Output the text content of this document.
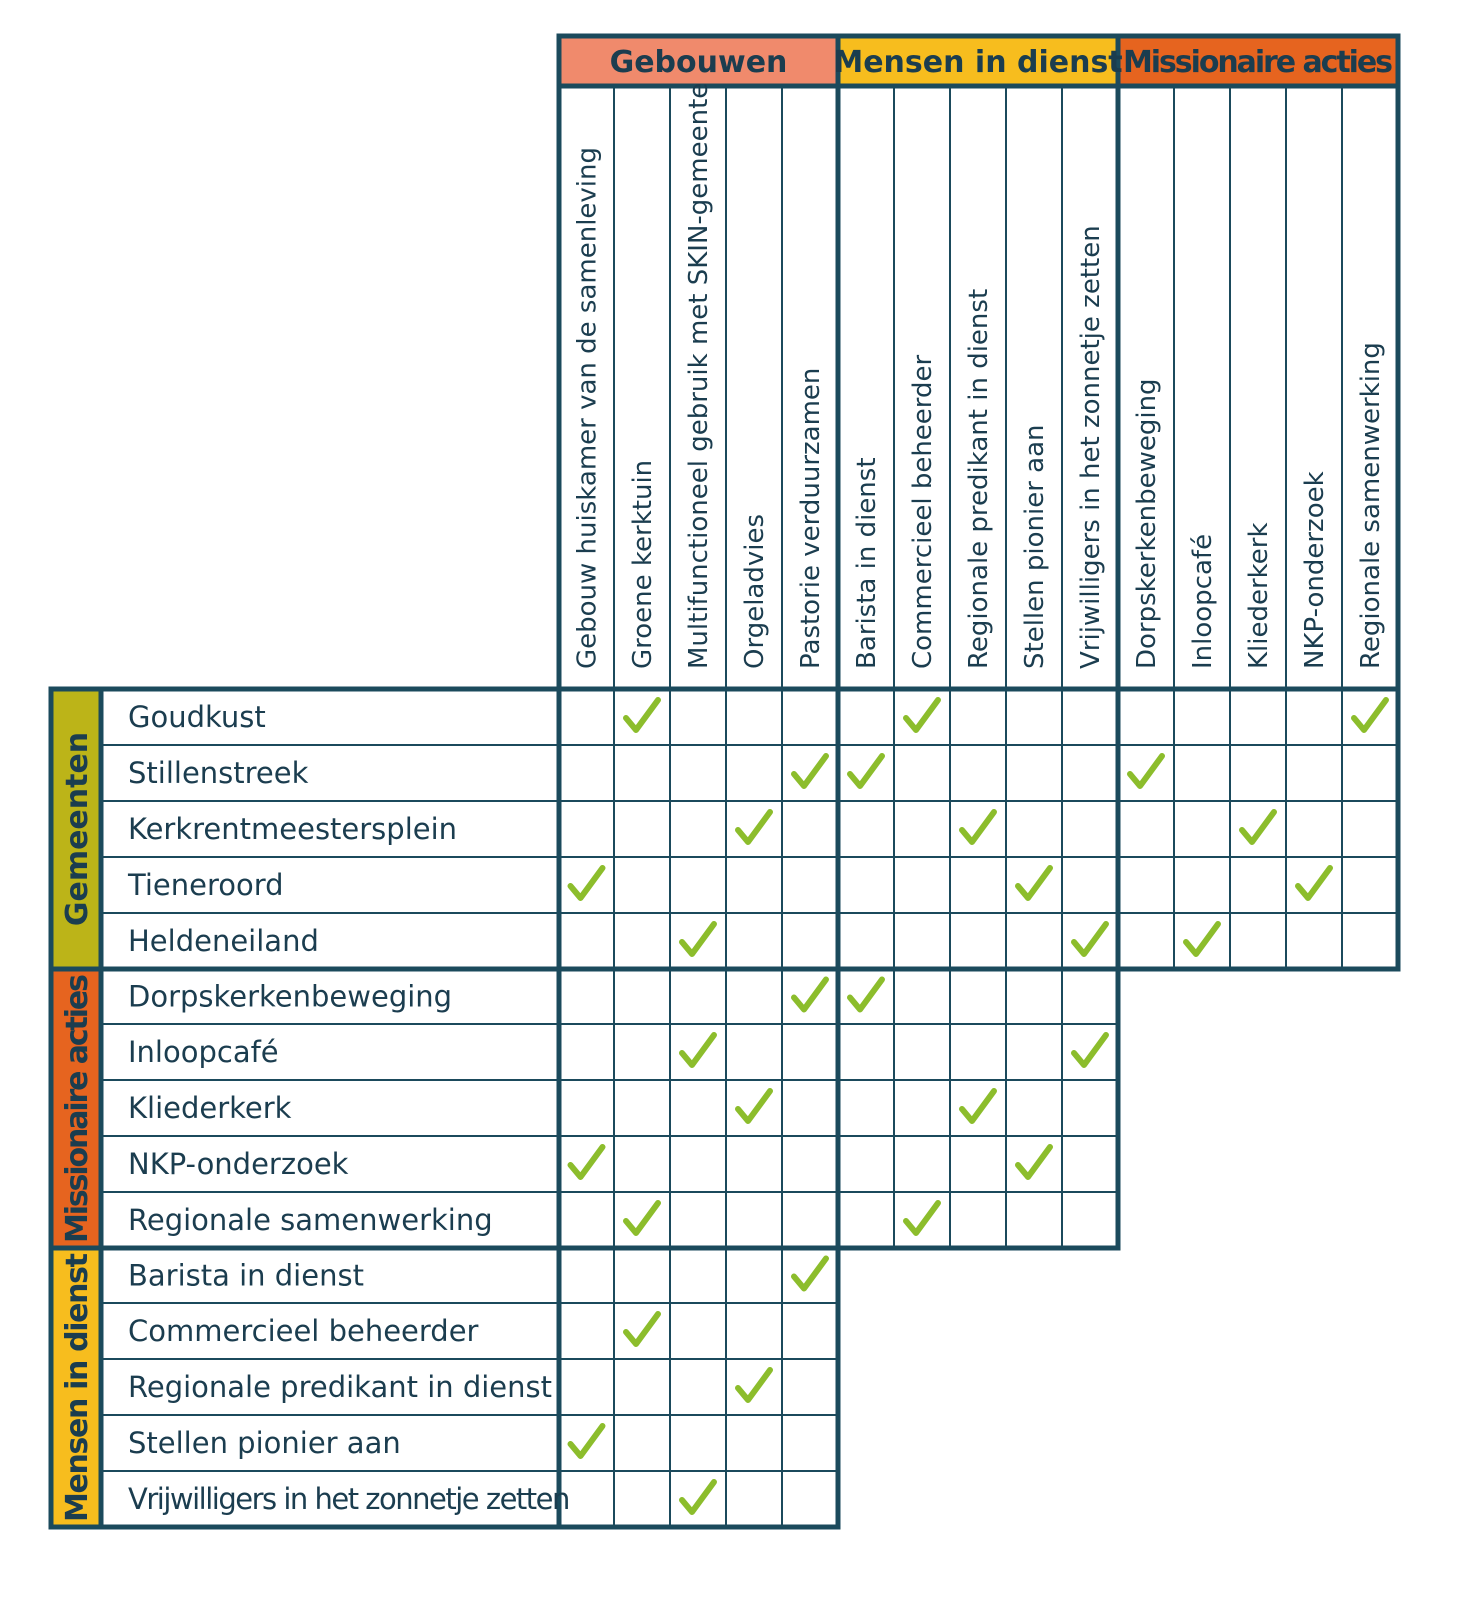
Gebouwen
Gebouw huiskamer van de samenleving Groene kerktuin Multifunctioneel gebruik met SKIN-gemeente Orgeladvies Pastorie verduurzamen
Mensen in dienst
Barista in dienst Commercieel beheerder Regionale predikant in dienst Stellen pionier aan Vrijwilligers in het zonnetje zetten
Missionaire acties
Dorpskerkenbeweging Inloopcafé Kliederkerk NKP-onderzoek Regionale samenwerking
Gemeenten
Goudkust
Stillenstreek
Kerkrentmeestersplein
Tieneroord
Heldeneiland
Missionaire acties Dorpskerkenbeweging
Inloopcafé
Kliederkerk
NKP-onderzoek
Regionale samenwerking
Mensen in dienst Barista in dienst
Commercieel beheerder
Regionale predikant in dienst
Stellen pionier aan
Vrijwilligers in het zonnetje zetten
